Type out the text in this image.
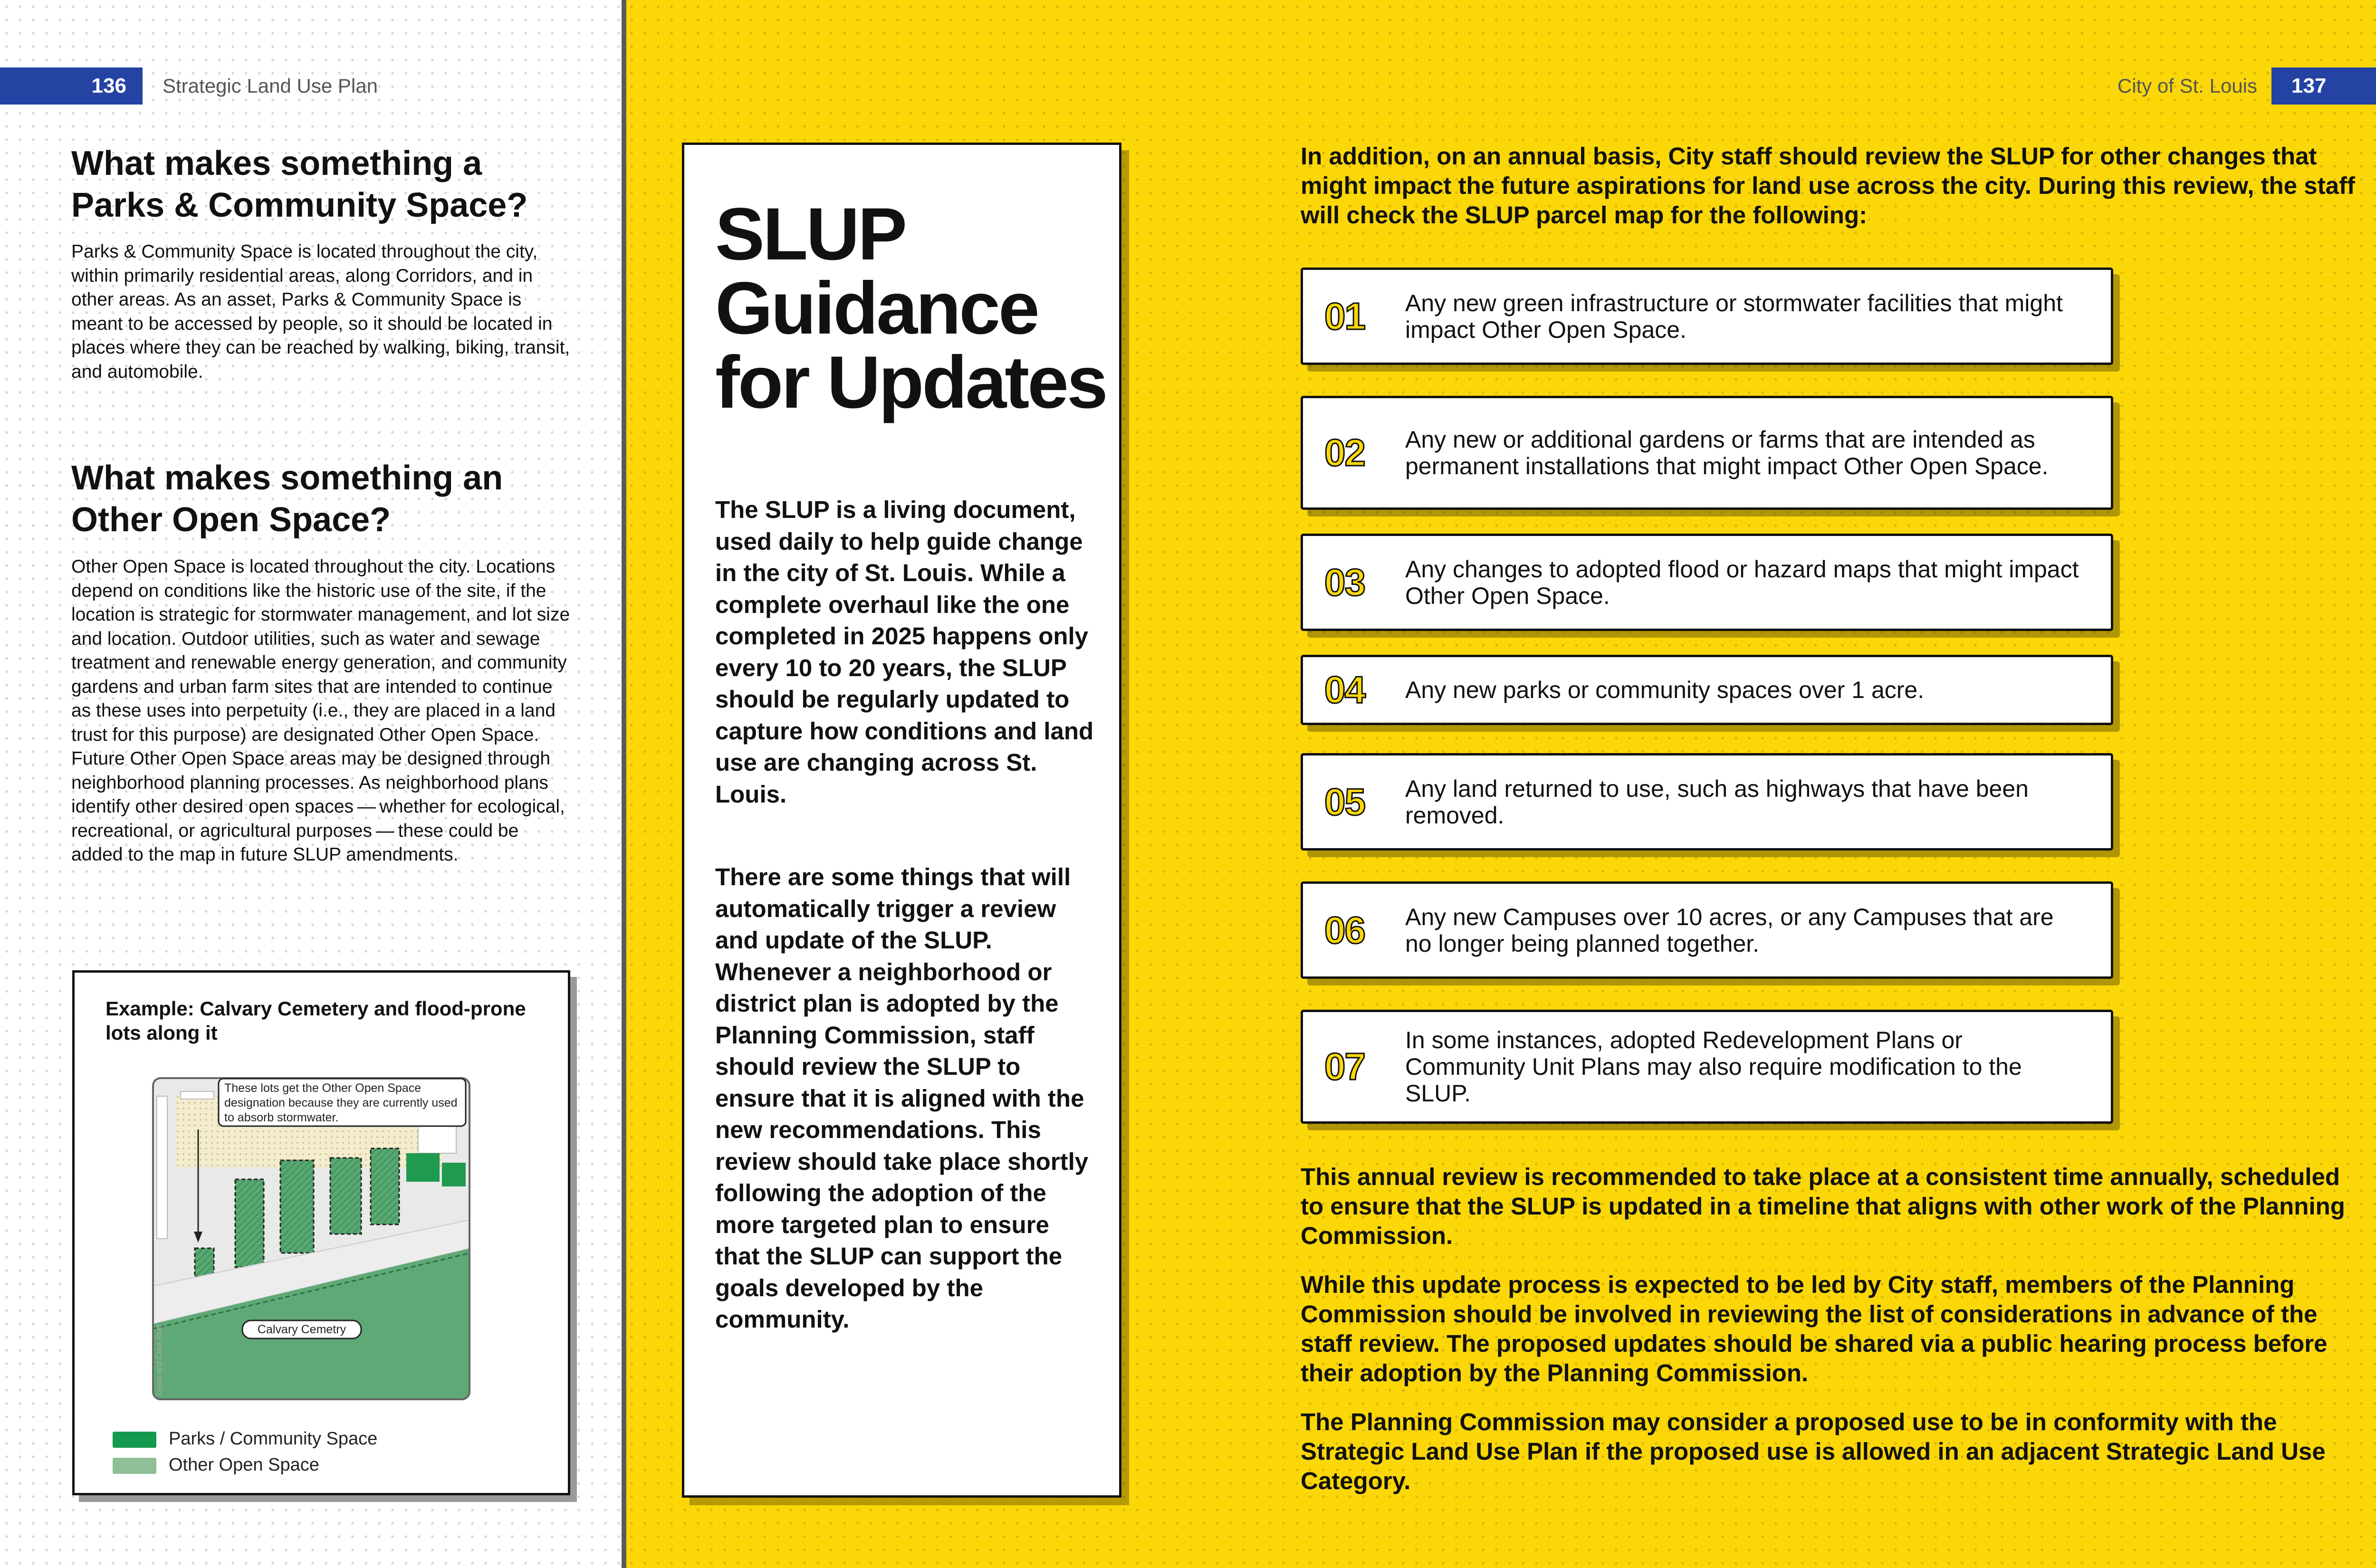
136	Strategic Land Use Plan	City of St. Louis	137
What makes something a Parks & Community Space?

Parks & Community Space is located throughout the city, within primarily residential areas, along Corridors, and in other areas. As an asset, Parks & Community Space is meant to be accessed by people, so it should be located in places where they can be reached by walking, biking, transit, and automobile.

What makes something an Other Open Space?

Other Open Space is located throughout the city. Locations depend on conditions like the historic use of the site, if the location is strategic for stormwater management, and lot size and location. Outdoor utilities, such as water and sewage treatment and renewable energy generation, and community gardens and urban farm sites that are intended to continue as these uses into perpetuity (i.e., they are placed in a land trust for this purpose) are designated Other Open Space. Future Other Open Space areas may be designed through neighborhood planning processes. As neighborhood plans identify other desired open spaces — whether for ecological, recreational, or agricultural purposes — these could be added to the map in future SLUP amendments.

Example: Calvary Cemetery and flood-prone lots along it
These lots get the Other Open Space designation because they are currently used to absorb stormwater.
Calvary Cemetry
Lewis and Clark Blvd
Parks / Community Space
Other Open Space
SLUP
Guidance
for Updates

The SLUP is a living document, used daily to help guide change in the city of St. Louis. While a complete overhaul like the one completed in 2025 happens only every 10 to 20 years, the SLUP should be regularly updated to capture how conditions and land use are changing across St. Louis.

There are some things that will automatically trigger a review and update of the SLUP. Whenever a neighborhood or district plan is adopted by the Planning Commission, staff should review the SLUP to ensure that it is aligned with the new recommendations. This review should take place shortly following the adoption of the more targeted plan to ensure that the SLUP can support the goals developed by the community.

In addition, on an annual basis, City staff should review the SLUP for other changes that might impact the future aspirations for land use across the city. During this review, the staff will check the SLUP parcel map for the following:

01 Any new green infrastructure or stormwater facilities that might impact Other Open Space.
02 Any new or additional gardens or farms that are intended as permanent installations that might impact Other Open Space.
03 Any changes to adopted flood or hazard maps that might impact Other Open Space.
04 Any new parks or community spaces over 1 acre.
05 Any land returned to use, such as highways that have been removed.
06 Any new Campuses over 10 acres, or any Campuses that are no longer being planned together.
07
In some instances, adopted Redevelopment Plans or Community Unit Plans may also require modification to the SLUP.

This annual review is recommended to take place at a consistent time annually, scheduled to ensure that the SLUP is updated in a timeline that aligns with other work of the Planning Commission.

While this update process is expected to be led by City staff, members of the Planning Commission should be involved in reviewing the list of considerations in advance of the staff review. The proposed updates should be shared via a public hearing process before their adoption by the Planning Commission.

The Planning Commission may consider a proposed use to be in conformity with the Strategic Land Use Plan if the proposed use is allowed in an adjacent Strategic Land Use Category.
